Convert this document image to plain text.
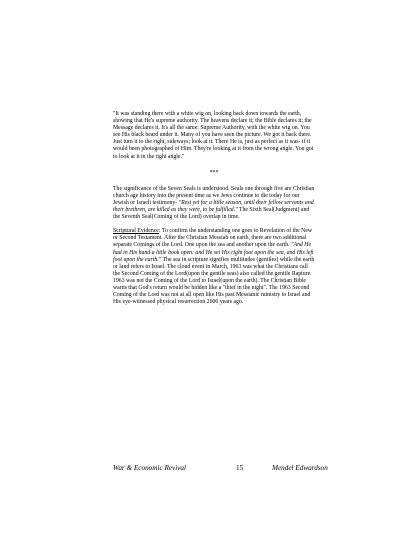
"It was standing there with a white wig on, looking back down towards the earth, showing that He's supreme authority. The heavens declare it; the Bible declares it; the Message declares it. It's all the same: Supreme Authority, with the white wig on. You see His black beard under it. Many of you have seen the picture. We got it back there. Just turn it to the right, sideways; look at it. There He is, just as perfect as it was- if it would been photographed of Him. They're looking at it from the wrong angle. You got to look at it in the right angle."

***

The significance of the Seven Seals is understood. Seals one through five are Christian church age history into the present time as we Jews continue to die today for our Jewish or Israeli testimony- "Rest yet for a little season, until their fellow servants and their brethren, are killed as they were, to be fulfilled." The Sixth Seal(Judgment) and the Seventh Seal(Coming of the Lord) overlap in time.

Scriptural Evidence: To confirm the understanding one goes to Revelation of the New or Second Testament. After the Christian Messiah on earth, there are two additional separate Comings of the Lord. One upon the sea and another upon the earth. "And He had in His hand a little book open: and He set His right foot upon the sea, and His left foot upon the earth." The sea in scripture signifies multitudes (gentiles) while the earth or land refers to Israel. The cloud event in March, 1963 was what the Christians call the Second Coming of the Lord(upon the gentile seas) also called the gentile Rapture. 1963 was not the Coming of the Lord to Israel(upon the earth). The Christian Bible warns that God's return would be hidden like a "thief in the night". The 1963 Second Coming of the Lord was not at all open like His past Messianic ministry to Israel and His eye-witnessed physical resurrection 2000 years ago.

War & Economic Revival	15	Mendel Edwardson
